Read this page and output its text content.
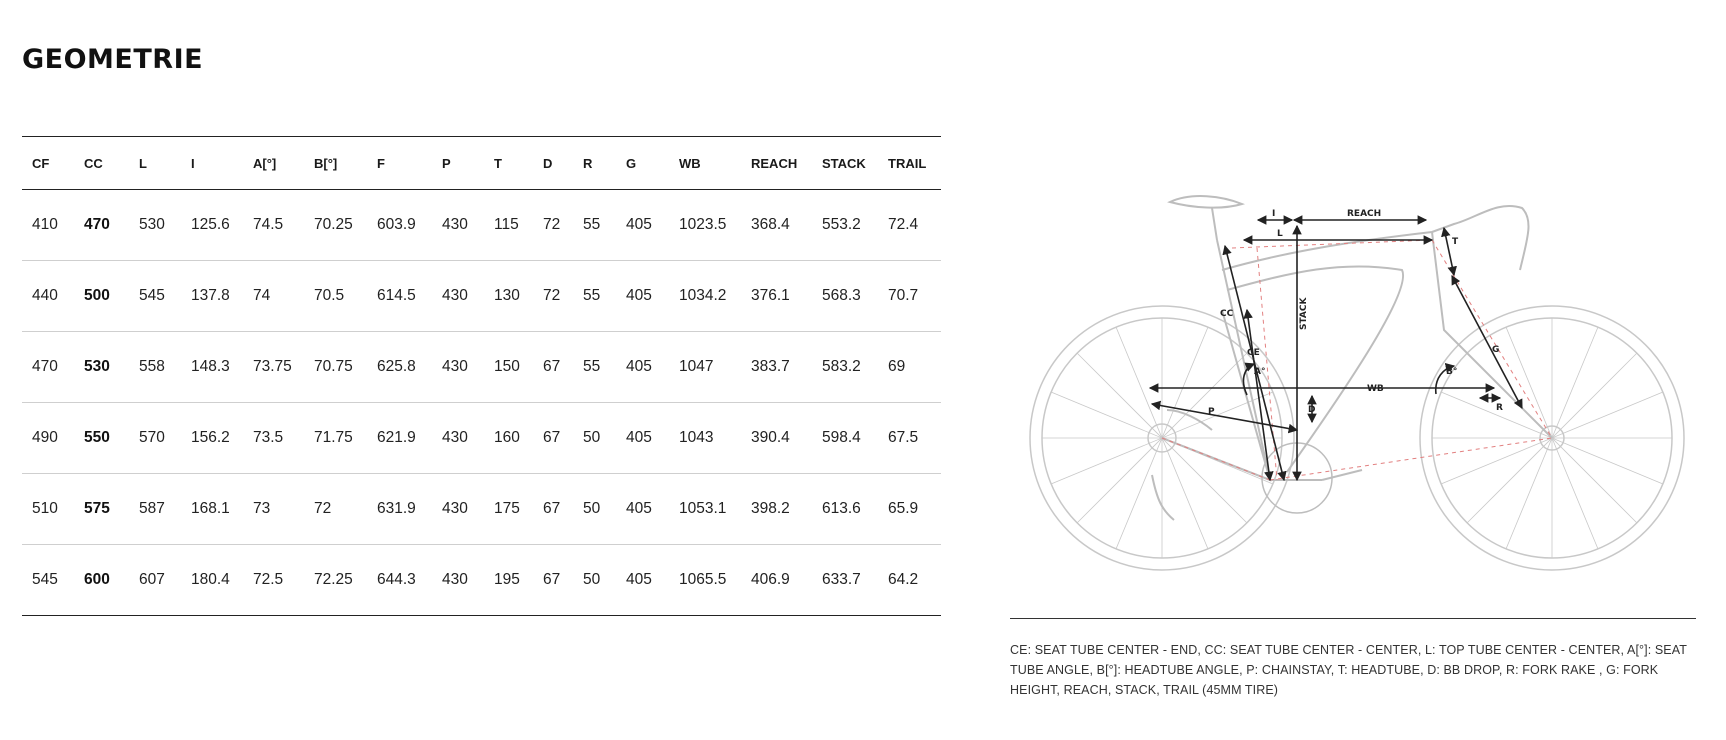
GEOMETRIE
CF	CC	L	I	A[°]	B[°]	F	P	T	D	R	G	WB	REACH	STACK	TRAIL
410	470	530	125.6	74.5	70.25	603.9	430	115	72	55	405	1023.5	368.4	553.2	72.4
440	500	545	137.8	74	70.5	614.5	430	130	72	55	405	1034.2	376.1	568.3	70.7
470	530	558	148.3	73.75	70.75	625.8	430	150	67	55	405	1047	383.7	583.2	69
490	550	570	156.2	73.5	71.75	621.9	430	160	67	50	405	1043	390.4	598.4	67.5
510	575	587	168.1	73	72	631.9	430	175	67	50	405	1053.1	398.2	613.6	65.9
545	600	607	180.4	72.5	72.25	644.3	430	195	67	50	405	1065.5	406.9	633.7	64.2
I	REACH
L
T
CC
CE
STACK
G
A°	B°
WB
D
P	R

CE: SEAT TUBE CENTER - END, CC: SEAT TUBE CENTER - CENTER, L: TOP TUBE CENTER - CENTER, A[°]: SEAT TUBE ANGLE, B[°]: HEADTUBE ANGLE, P: CHAINSTAY, T: HEADTUBE, D: BB DROP, R: FORK RAKE , G: FORK HEIGHT, REACH, STACK, TRAIL (45MM TIRE)
